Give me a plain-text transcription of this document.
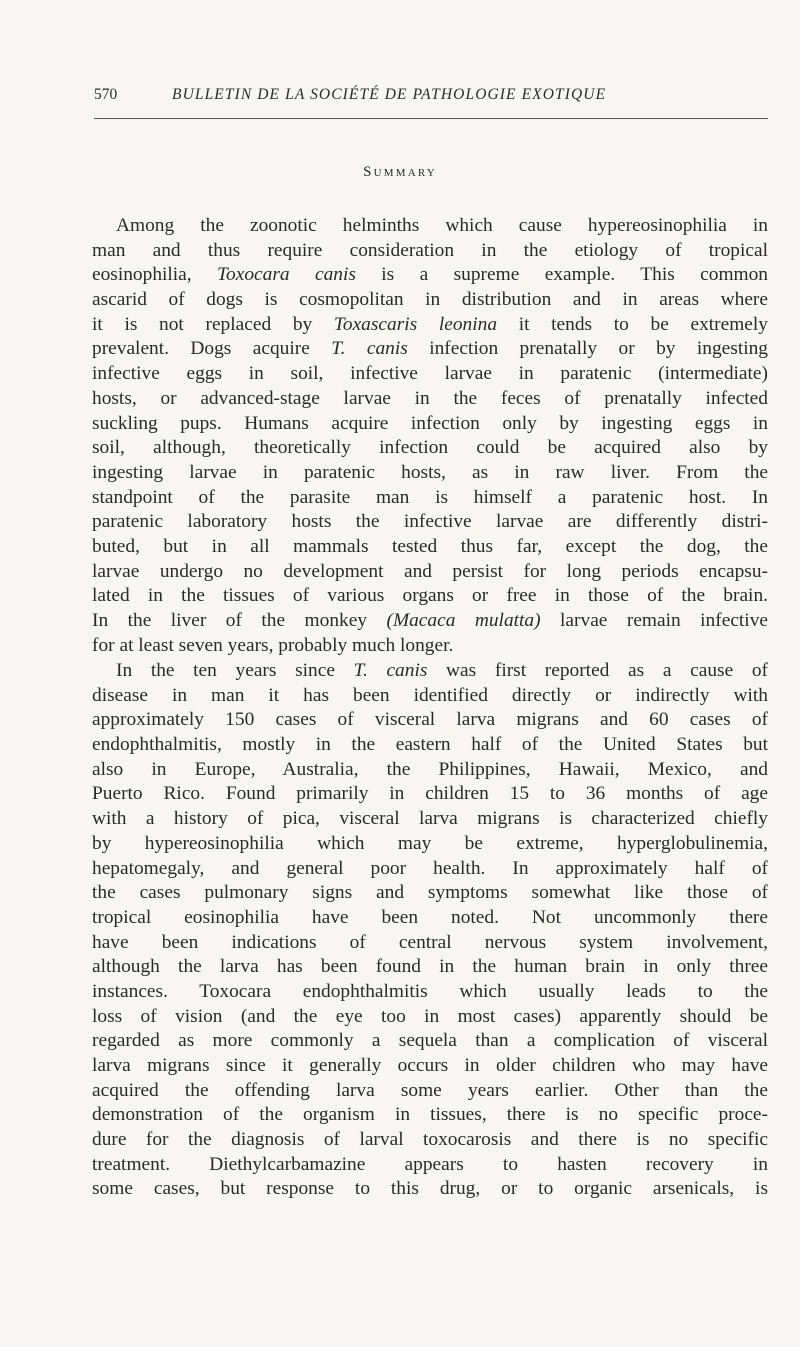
570	BULLETIN DE LA SOCIÉTÉ DE PATHOLOGIE EXOTIQUE
Summary
Among the zoonotic helminths which cause hypereosinophilia in
man and thus require consideration in the etiology of tropical
eosinophilia, Toxocara canis is a supreme example. This common
ascarid of dogs is cosmopolitan in distribution and in areas where
it is not replaced by Toxascaris leonina it tends to be extremely
prevalent. Dogs acquire T. canis infection prenatally or by ingesting
infective eggs in soil, infective larvae in paratenic (intermediate)
hosts, or advanced-stage larvae in the feces of prenatally infected
suckling pups. Humans acquire infection only by ingesting eggs in
soil, although, theoretically infection could be acquired also by
ingesting larvae in paratenic hosts, as in raw liver. From the
standpoint of the parasite man is himself a paratenic host. In
paratenic laboratory hosts the infective larvae are differently distri-
buted, but in all mammals tested thus far, except the dog, the
larvae undergo no development and persist for long periods encapsu-
lated in the tissues of various organs or free in those of the brain.
In the liver of the monkey (Macaca mulatta) larvae remain infective
for at least seven years, probably much longer.
In the ten years since T. canis was first reported as a cause of
disease in man it has been identified directly or indirectly with
approximately 150 cases of visceral larva migrans and 60 cases of
endophthalmitis, mostly in the eastern half of the United States but
also in Europe, Australia, the Philippines, Hawaii, Mexico, and
Puerto Rico. Found primarily in children 15 to 36 months of age
with a history of pica, visceral larva migrans is characterized chiefly
by hypereosinophilia which may be extreme, hyperglobulinemia,
hepatomegaly, and general poor health. In approximately half of
the cases pulmonary signs and symptoms somewhat like those of
tropical eosinophilia have been noted. Not uncommonly there
have been indications of central nervous system involvement,
although the larva has been found in the human brain in only three
instances. Toxocara endophthalmitis which usually leads to the
loss of vision (and the eye too in most cases) apparently should be
regarded as more commonly a sequela than a complication of visceral
larva migrans since it generally occurs in older children who may have
acquired the offending larva some years earlier. Other than the
demonstration of the organism in tissues, there is no specific proce-
dure for the diagnosis of larval toxocarosis and there is no specific
treatment. Diethylcarbamazine appears to hasten recovery in
some cases, but response to this drug, or to organic arsenicals, is
